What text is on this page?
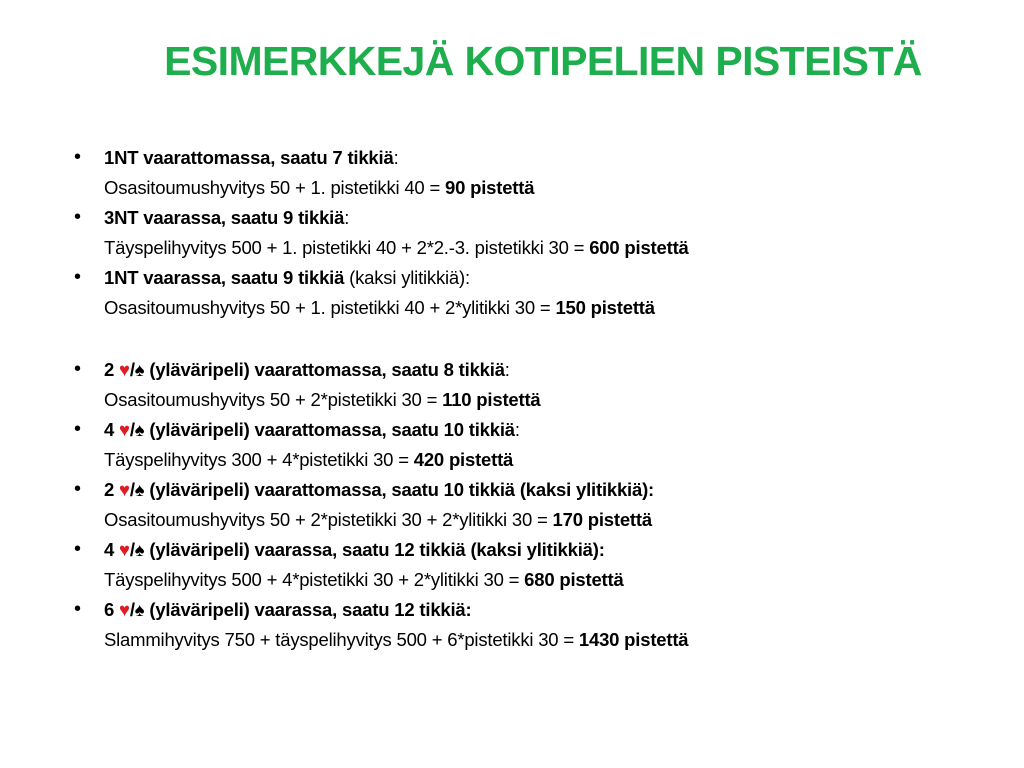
ESIMERKKEJÄ KOTIPELIEN PISTEISTÄ
• 1NT vaarattomassa, saatu 7 tikkiä:
Osasitoumushyvitys 50 + 1. pistetikki 40 = 90 pistettä
• 3NT vaarassa, saatu 9 tikkiä:
Täyspelihyvitys 500 + 1. pistetikki 40 + 2*2.-3. pistetikki 30 = 600 pistettä
• 1NT vaarassa, saatu 9 tikkiä (kaksi ylitikkiä):
Osasitoumushyvitys 50 + 1. pistetikki 40 + 2*ylitikki 30 = 150 pistettä
• 2 ♥/♠ (yläväripeli) vaarattomassa, saatu 8 tikkiä:
Osasitoumushyvitys 50 + 2*pistetikki 30 = 110 pistettä
• 4 ♥/♠ (yläväripeli) vaarattomassa, saatu 10 tikkiä:
Täyspelihyvitys 300 + 4*pistetikki 30 = 420 pistettä
• 2 ♥/♠ (yläväripeli) vaarattomassa, saatu 10 tikkiä (kaksi ylitikkiä):
Osasitoumushyvitys 50 + 2*pistetikki 30 + 2*ylitikki 30 = 170 pistettä
• 4 ♥/♠ (yläväripeli) vaarassa, saatu 12 tikkiä (kaksi ylitikkiä):
Täyspelihyvitys 500 + 4*pistetikki 30 + 2*ylitikki 30 = 680 pistettä
• 6 ♥/♠ (yläväripeli) vaarassa, saatu 12 tikkiä:
Slammihyvitys 750 + täyspelihyvitys 500 + 6*pistetikki 30 = 1430 pistettä
